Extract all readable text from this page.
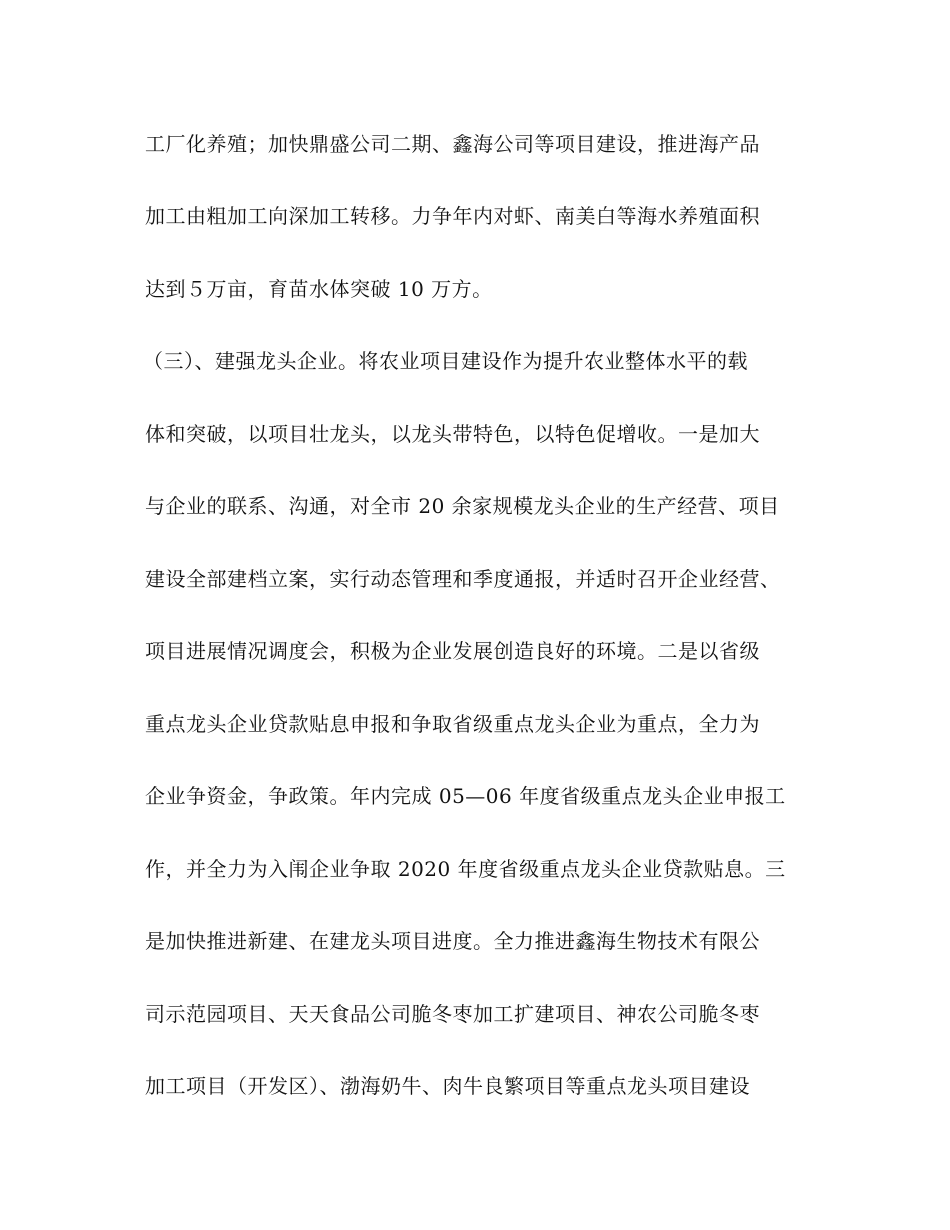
工厂化养殖；加快鼎盛公司二期、鑫海公司等项目建设，推进海产品

加工由粗加工向深加工转移。力争年内对虾、南美白等海水养殖面积

达到５万亩，育苗水体突破 10 万方。

（三）、建强龙头企业。将农业项目建设作为提升农业整体水平的载

体和突破，以项目壮龙头，以龙头带特色，以特色促增收。一是加大

与企业的联系、沟通，对全市 20 余家规模龙头企业的生产经营、项目

建设全部建档立案，实行动态管理和季度通报，并适时召开企业经营、

项目进展情况调度会，积极为企业发展创造良好的环境。二是以省级

重点龙头企业贷款贴息申报和争取省级重点龙头企业为重点，全力为

企业争资金，争政策。年内完成 05—06 年度省级重点龙头企业申报工

作，并全力为入闱企业争取 2020 年度省级重点龙头企业贷款贴息。三

是加快推进新建、在建龙头项目进度。全力推进鑫海生物技术有限公

司示范园项目、天天食品公司脆冬枣加工扩建项目、神农公司脆冬枣

加工项目（开发区）、渤海奶牛、肉牛良繁项目等重点龙头项目建设
